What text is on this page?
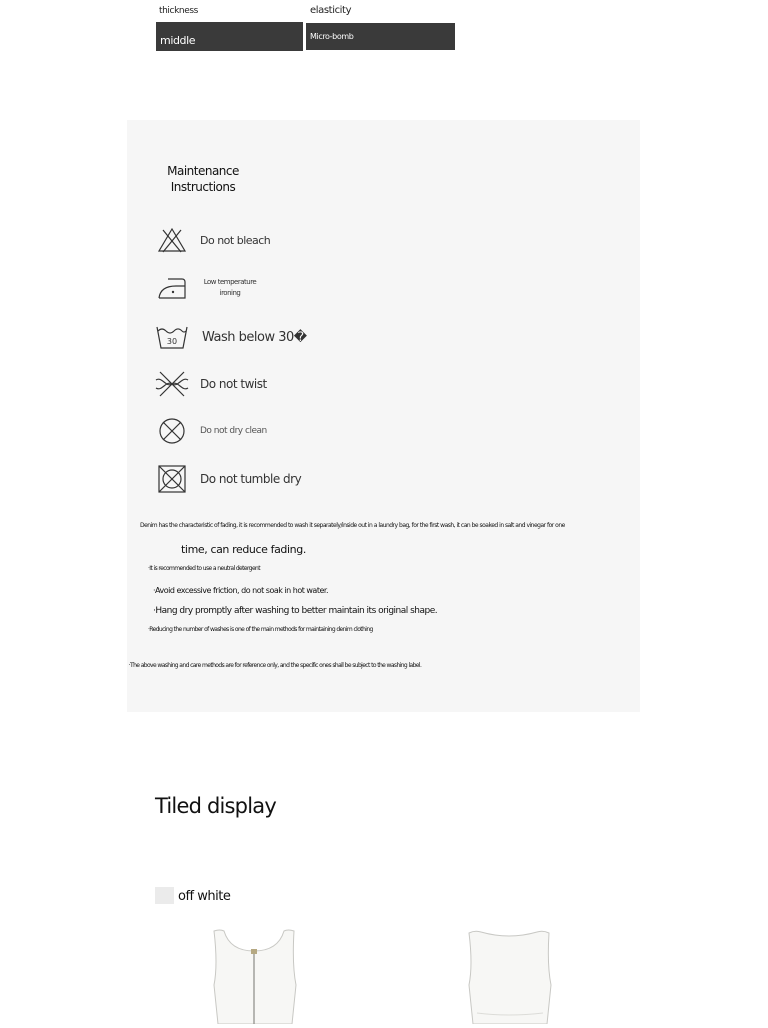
thickness	elasticity
middle	Micro-bomb
Maintenance Instructions
Do not bleach
Low temperature ironing
30 Wash below 30�
Do not twist
Do not dry clean
Do not tumble dry
Denim has the characteristic of fading, it is recommended to wash it separately/inside out in a laundry bag, for the first wash, it can be soaked in salt and vinegar for one
time, can reduce fading.
·It is recommended to use a neutral detergent
·Avoid excessive friction, do not soak in hot water.
·Hang dry promptly after washing to better maintain its original shape.
·Reducing the number of washes is one of the main methods for maintaining denim clothing
·The above washing and care methods are for reference only, and the specific ones shall be subject to the washing label.
Tiled display
off white
